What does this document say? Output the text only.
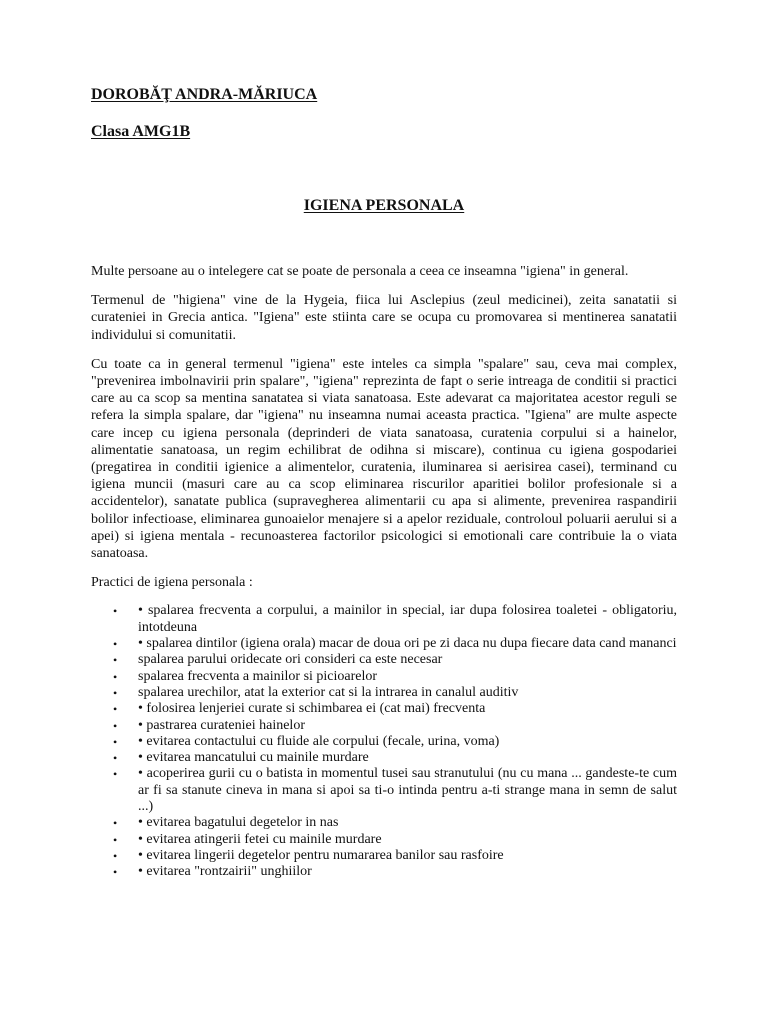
DOROBĂŢ ANDRA-MĂRIUCA
Clasa AMG1B
IGIENA PERSONALA

Multe persoane au o intelegere cat se poate de personala a ceea ce inseamna "igiena" in general.

Termenul de "higiena" vine de la Hygeia, fiica lui Asclepius (zeul medicinei), zeita sanatatii si curateniei in Grecia antica. "Igiena" este stiinta care se ocupa cu promovarea si mentinerea sanatatii individului si comunitatii.

Cu toate ca in general termenul "igiena" este inteles ca simpla "spalare" sau, ceva mai complex, "prevenirea imbolnavirii prin spalare", "igiena" reprezinta de fapt o serie intreaga de conditii si practici care au ca scop sa mentina sanatatea si viata sanatoasa. Este adevarat ca majoritatea acestor reguli se refera la simpla spalare, dar "igiena" nu inseamna numai aceasta practica. "Igiena" are multe aspecte care incep cu igiena personala (deprinderi de viata sanatoasa, curatenia corpului si a hainelor, alimentatie sanatoasa, un regim echilibrat de odihna si miscare), continua cu igiena gospodariei (pregatirea in conditii igienice a alimentelor, curatenia, iluminarea si aerisirea casei), terminand cu igiena muncii (masuri care au ca scop eliminarea riscurilor aparitiei bolilor profesionale si a accidentelor), sanatate publica (supravegherea alimentarii cu apa si alimente, prevenirea raspandirii bolilor infectioase, eliminarea gunoaielor menajere si a apelor reziduale, controloul poluarii aerului si a apei) si igiena mentala - recunoasterea factorilor psicologici si emotionali care contribuie la o viata sanatoasa.

Practici de igiena personala :

• • spalarea frecventa a corpului, a mainilor in special, iar dupa folosirea toaletei - obligatoriu, intotdeuna
• • spalarea dintilor (igiena orala) macar de doua ori pe zi daca nu dupa fiecare data cand mananci
• spalarea parului oridecate ori consideri ca este necesar
• spalarea frecventa a mainilor si picioarelor
• spalarea urechilor, atat la exterior cat si la intrarea in canalul auditiv
• • folosirea lenjeriei curate si schimbarea ei (cat mai) frecventa
• • pastrarea curateniei hainelor
• • evitarea contactului cu fluide ale corpului (fecale, urina, voma)
• • evitarea mancatului cu mainile murdare
• • acoperirea gurii cu o batista in momentul tusei sau stranutului (nu cu mana ... gandeste-te cum ar fi sa stanute cineva in mana si apoi sa ti-o intinda pentru a-ti strange mana in semn de salut ...)
• • evitarea bagatului degetelor in nas
• • evitarea atingerii fetei cu mainile murdare
• • evitarea lingerii degetelor pentru numararea banilor sau rasfoire
• • evitarea "rontzairii" unghiilor
